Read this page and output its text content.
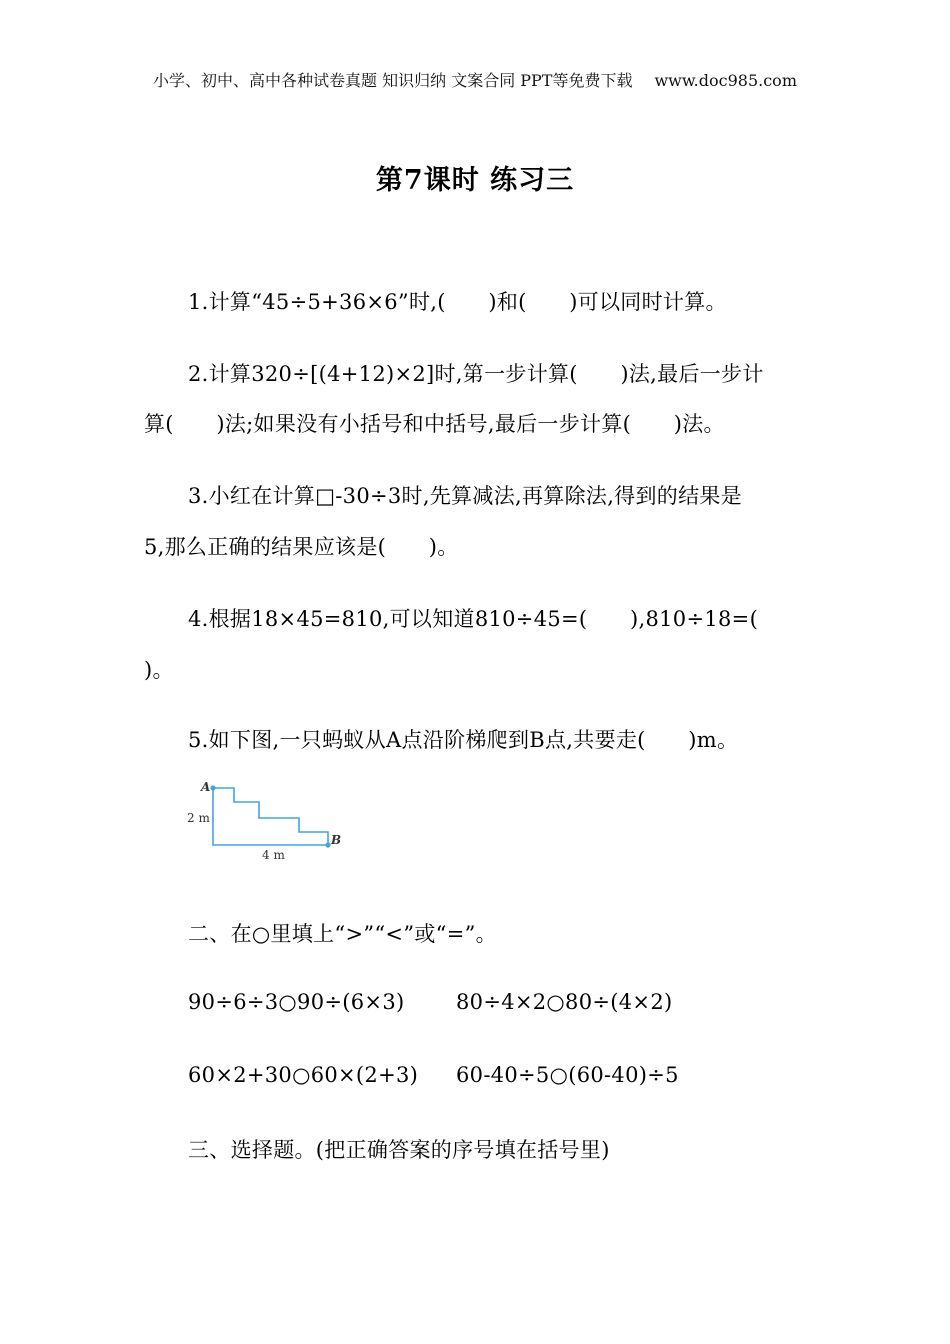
小学、初中、高中各种试卷真题 知识归纳 文案合同 PPT等免费下载 www.doc985.com
第7课时 练习三
1.计算“45÷5+36×6”时,(　　)和(　　)可以同时计算。
2.计算320÷[(4+12)×2]时,第一步计算(　　)法,最后一步计
算(　　)法;如果没有小括号和中括号,最后一步计算(　　)法。
3.小红在计算□-30÷3时,先算减法,再算除法,得到的结果是
5,那么正确的结果应该是(　　)。
4.根据18×45=810,可以知道810÷45=(　　),810÷18=(
)。
5.如下图,一只蚂蚁从A点沿阶梯爬到B点,共要走(　　)m。
A
B
2 m
4 m
二、在○里填上“>”“<”或“=”。
90÷6÷3○90÷(6×3) 80÷4×2○80÷(4×2)
60×2+30○60×(2+3) 60-40÷5○(60-40)÷5
三、选择题。(把正确答案的序号填在括号里)
